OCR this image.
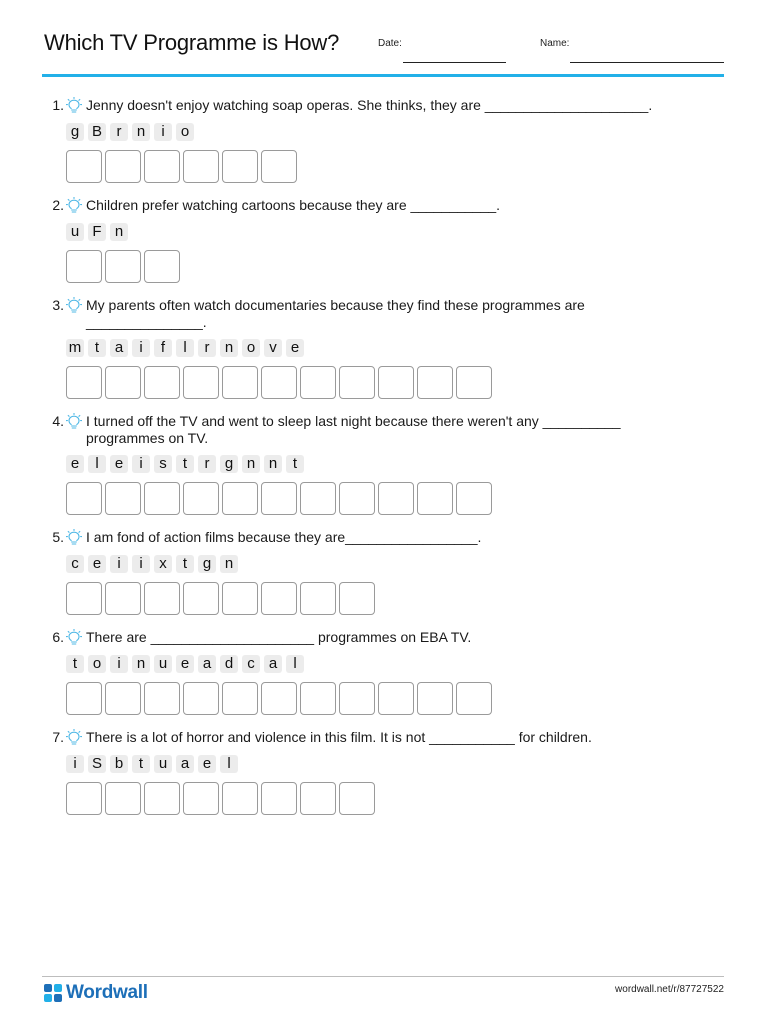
Which TV Programme is How?	Date:	Name:
1. Jenny doesn't enjoy watching soap operas. She thinks, they are _____________________.
g B r	n	i	o
2. Children prefer watching cartoons because they are ___________.
u F n
3. My parents often watch documentaries because they find these programmes are
_______________.
m t	a	i	f	l	r	n o v e
4. I turned off the TV and went to sleep last night because there weren't any __________
programmes on TV.
e	l	e	i	s	t	r	g n n	t
5. I am fond of action films because they are_________________.
c e	i	i	x	t	g n
6. There are _____________________ programmes on EBA TV.
t	o	i	n u e a d c a	l
7. There is a lot of horror and violence in this film. It is not ___________ for children.
i	S b	t	u a e	l
Wordwall	wordwall.net/r/87727522
